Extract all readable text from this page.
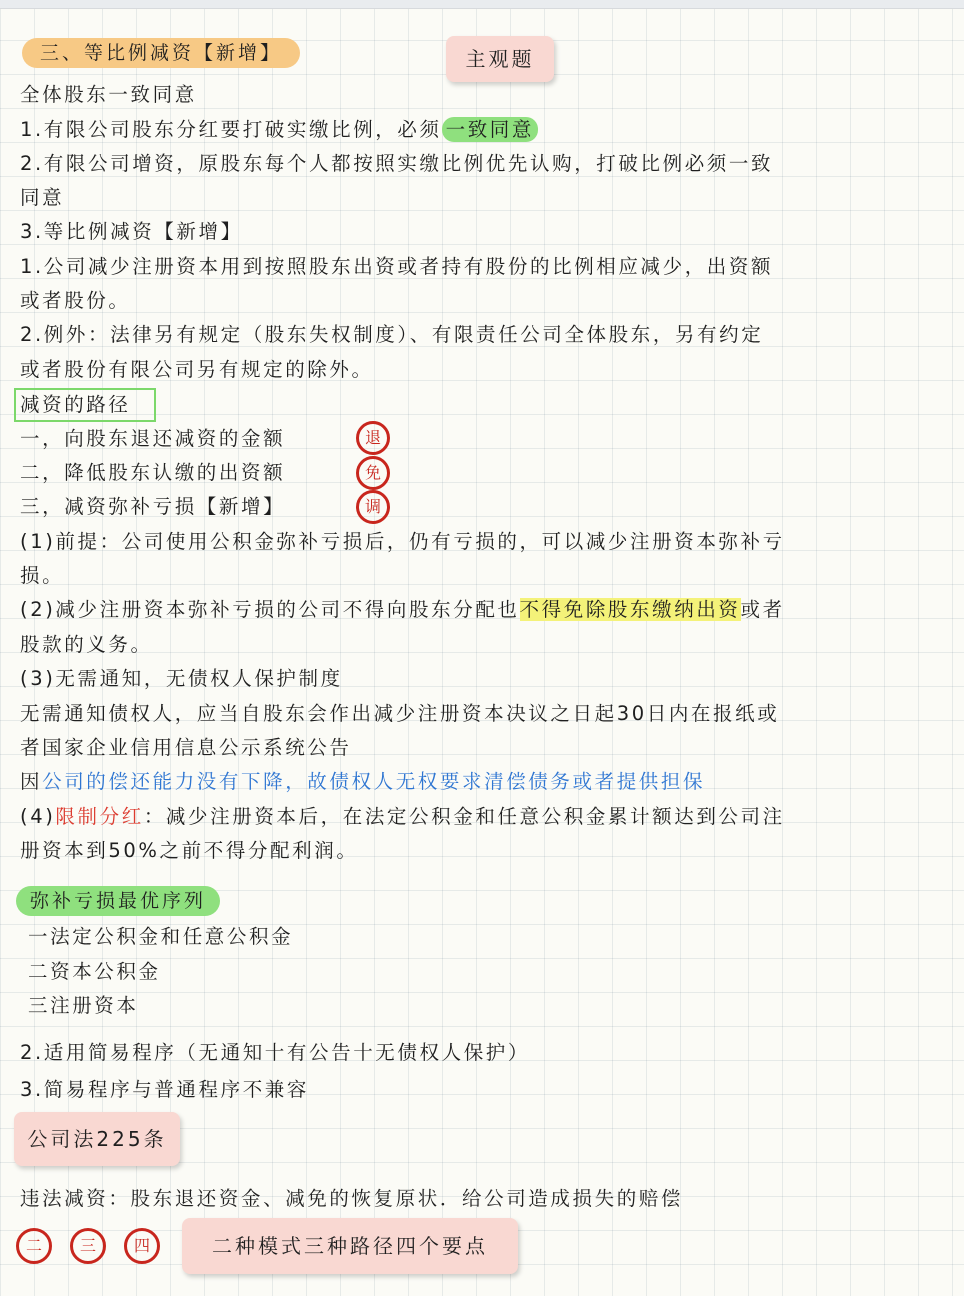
三、等比例减资【新增】	主观题
全体股东一致同意
1.有限公司股东分红要打破实缴比例，必须 一致同意
2.有限公司增资，原股东每个人都按照实缴比例优先认购，打破比例必须一致
同意
3.等比例减资【新增】
1.公司减少注册资本用到按照股东出资或者持有股份的比例相应减少，出资额
或者股份。
2.例外：法律另有规定（股东失权制度）、有限责任公司全体股东，另有约定
或者股份有限公司另有规定的除外。
减资的路径
一，向股东退还减资的金额	退
二，降低股东认缴的出资额	免
三，减资弥补亏损【新增】	调
(1)前提：公司使用公积金弥补亏损后，仍有亏损的，可以减少注册资本弥补亏
损。
(2)减少注册资本弥补亏损的公司不得向股东分配也不得免除股东缴纳出资或者
股款的义务。
(3)无需通知，无债权人保护制度
无需通知债权人，应当自股东会作出减少注册资本决议之日起30日内在报纸或
者国家企业信用信息公示系统公告
因公司的偿还能力没有下降，故债权人无权要求清偿债务或者提供担保
(4)限制分红：减少注册资本后，在法定公积金和任意公积金累计额达到公司注
册资本到50%之前不得分配利润。
弥补亏损最优序列
一法定公积金和任意公积金
二资本公积金
三注册资本
2.适用简易程序（无通知十有公告十无债权人保护）
3.简易程序与普通程序不兼容
公司法225条
违法减资：股东退还资金、减免的恢复原状．给公司造成损失的赔偿
二	三	四	二种模式三种路径四个要点
